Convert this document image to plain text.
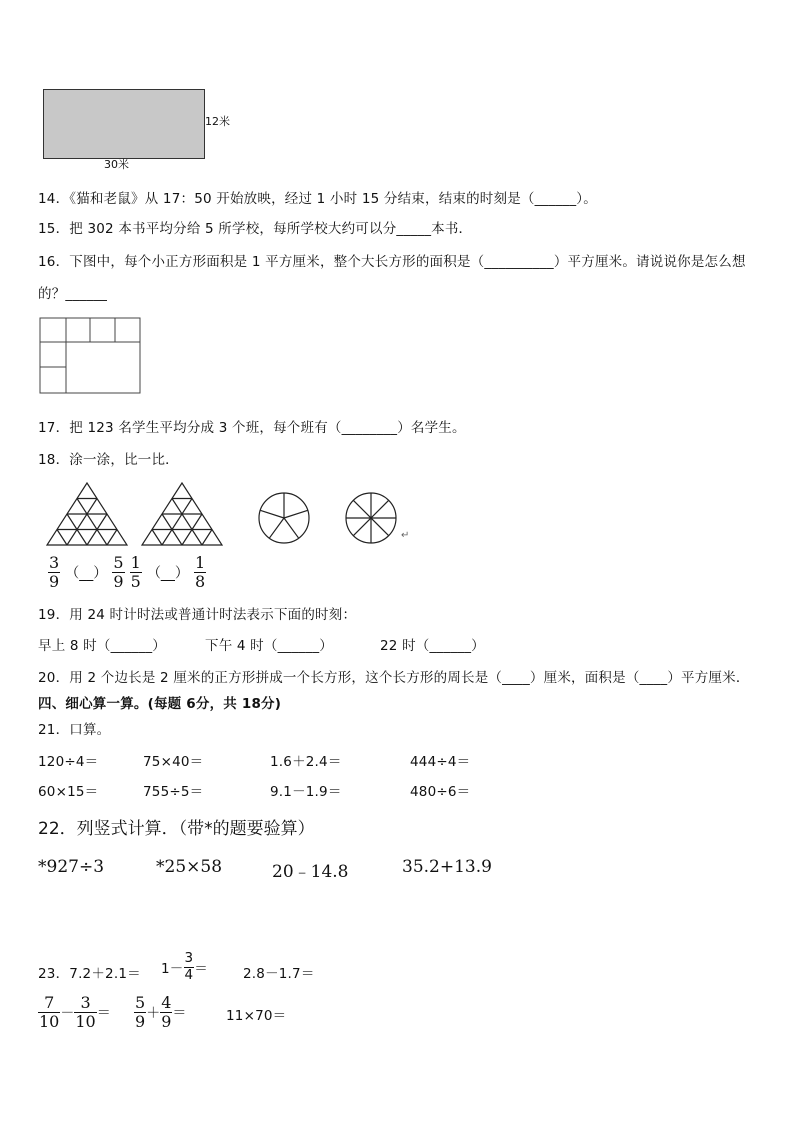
12米
30米
14．《猫和老鼠》从 17：50 开始放映，经过 1 小时 15 分结束，结束的时刻是（______）。
15．把 302 本书平均分给 5 所学校，每所学校大约可以分_____本书．
16．下图中，每个小正方形面积是 1 平方厘米，整个大长方形的面积是（__________）平方厘米。请说说你是怎么想
的？______
17．把 123 名学生平均分成 3 个班，每个班有（________）名学生。
18．涂一涂，比一比．
↵
$\frac{3}{9}$ （__） $\frac{5}{9}$
$\frac{1}{5}$ （__） $\frac{1}{8}$
19．用 24 时计时法或普通计时法表示下面的时刻：
早上 8 时（______）	下午 4 时（______）	22 时（______）
20．用 2 个边长是 2 厘米的正方形拼成一个长方形，这个长方形的周长是（____）厘米，面积是（____）平方厘米．
四、细心算一算。(每题 6分，共 18分)
21．口算。
120÷4＝	75×40＝	1.6＋2.4＝	444÷4＝
60×15＝	755÷5＝	9.1－1.9＝	480÷6＝
22．列竖式计算．（带*的题要验算）
*927÷3	*25×58	20﹣14.8	35.2+13.9
23．$7.2+2.1= 1- \frac{3}{4}$ ＝	2.8－1.7＝
$\frac{7}{10} - \frac{3}{10} = \frac{5}{9} + \frac{4}{9}$ ＝	11×70＝
